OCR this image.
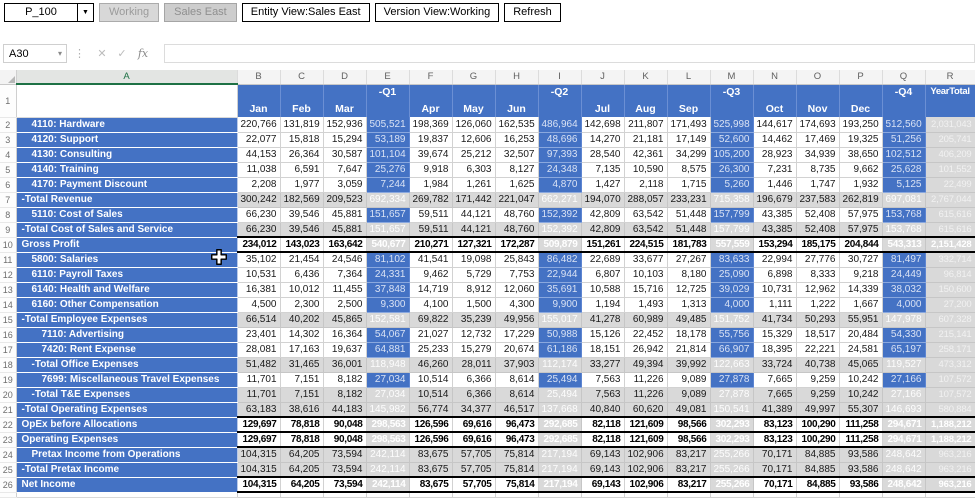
P_100	▼	Working	Sales East	Entity View:Sales East	Version View:Working	Refresh
A30	▾	⋮	✕ ✓	fx
	A	B	C	D	E	F	G	H	I	J	K	L	M	N	O	P	Q	R
1		Jan	Feb	Mar	-Q1	Apr	May	Jun	-Q2	Jul	Aug	Sep	-Q3	Oct	Nov	Dec	-Q4	YearTotal
2	4110: Hardware	220,766	131,819	152,936	505,521	198,369	126,060	162,535	486,964	142,698	211,807	171,493	525,998	144,617	174,693	193,250	512,560	2,031,043
3	4120: Support	22,077	15,818	15,294	53,189	19,837	12,606	16,253	48,696	14,270	21,181	17,149	52,600	14,462	17,469	19,325	51,256	205,741
4	4130: Consulting	44,153	26,364	30,587	101,104	39,674	25,212	32,507	97,393	28,540	42,361	34,299	105,200	28,923	34,939	38,650	102,512	406,209
5	4140: Training	11,038	6,591	7,647	25,276	9,918	6,303	8,127	24,348	7,135	10,590	8,575	26,300	7,231	8,735	9,662	25,628	101,552
6	4170: Payment Discount	2,208	1,977	3,059	7,244	1,984	1,261	1,625	4,870	1,427	2,118	1,715	5,260	1,446	1,747	1,932	5,125	22,499
7	-Total Revenue	300,242	182,569	209,523	692,334	269,782	171,442	221,047	662,271	194,070	288,057	233,231	715,358	196,679	237,583	262,819	697,081	2,767,044
8	5110: Cost of Sales	66,230	39,546	45,881	151,657	59,511	44,121	48,760	152,392	42,809	63,542	51,448	157,799	43,385	52,408	57,975	153,768	615,616
9	-Total Cost of Sales and Service	66,230	39,546	45,881	151,657	59,511	44,121	48,760	152,392	42,809	63,542	51,448	157,799	43,385	52,408	57,975	153,768	615,616
10	Gross Profit	234,012	143,023	163,642	540,677	210,271	127,321	172,287	509,879	151,261	224,515	181,783	557,559	153,294	185,175	204,844	543,313	2,151,428
11	5800: Salaries	35,102	21,454	24,546	81,102	41,541	19,098	25,843	86,482	22,689	33,677	27,267	83,633	22,994	27,776	30,727	81,497	332,714
12	6110: Payroll Taxes	10,531	6,436	7,364	24,331	9,462	5,729	7,753	22,944	6,807	10,103	8,180	25,090	6,898	8,333	9,218	24,449	96,814
13	6140: Health and Welfare	16,381	10,012	11,455	37,848	14,719	8,912	12,060	35,691	10,588	15,716	12,725	39,029	10,731	12,962	14,339	38,032	150,600
14	6160: Other Compensation	4,500	2,300	2,500	9,300	4,100	1,500	4,300	9,900	1,194	1,493	1,313	4,000	1,111	1,222	1,667	4,000	27,200
15	-Total Employee Expenses	66,514	40,202	45,865	152,581	69,822	35,239	49,956	155,017	41,278	60,989	49,485	151,752	41,734	50,293	55,951	147,978	607,328
16	7110: Advertising	23,401	14,302	16,364	54,067	21,027	12,732	17,229	50,988	15,126	22,452	18,178	55,756	15,329	18,517	20,484	54,330	215,141
17	7420: Rent Expense	28,081	17,163	19,637	64,881	25,233	15,279	20,674	61,186	18,151	26,942	21,814	66,907	18,395	22,221	24,581	65,197	258,171
18	-Total Office Expenses	51,482	31,465	36,001	118,948	46,260	28,011	37,903	112,174	33,277	49,394	39,992	122,663	33,724	40,738	45,065	119,527	473,312
19	7699: Miscellaneous Travel Expenses	11,701	7,151	8,182	27,034	10,514	6,366	8,614	25,494	7,563	11,226	9,089	27,878	7,665	9,259	10,242	27,166	107,572
20	-Total T&E Expenses	11,701	7,151	8,182	27,034	10,514	6,366	8,614	25,494	7,563	11,226	9,089	27,878	7,665	9,259	10,242	27,166	107,572
21	-Total Operating Expenses	63,183	38,616	44,183	145,982	56,774	34,377	46,517	137,668	40,840	60,620	49,081	150,541	41,389	49,997	55,307	146,693	580,884
22	OpEx before Allocations	129,697	78,818	90,048	298,563	126,596	69,616	96,473	292,685	82,118	121,609	98,566	302,293	83,123	100,290	111,258	294,671	1,188,212
23	Operating Expenses	129,697	78,818	90,048	298,563	126,596	69,616	96,473	292,685	82,118	121,609	98,566	302,293	83,123	100,290	111,258	294,671	1,188,212
24	Pretax Income from Operations	104,315	64,205	73,594	242,114	83,675	57,705	75,814	217,194	69,143	102,906	83,217	255,266	70,171	84,885	93,586	248,642	963,216
25	-Total Pretax Income	104,315	64,205	73,594	242,114	83,675	57,705	75,814	217,194	69,143	102,906	83,217	255,266	70,171	84,885	93,586	248,642	963,216
26	Net Income	104,315	64,205	73,594	242,114	83,675	57,705	75,814	217,194	69,143	102,906	83,217	255,266	70,171	84,885	93,586	248,642	963,216
